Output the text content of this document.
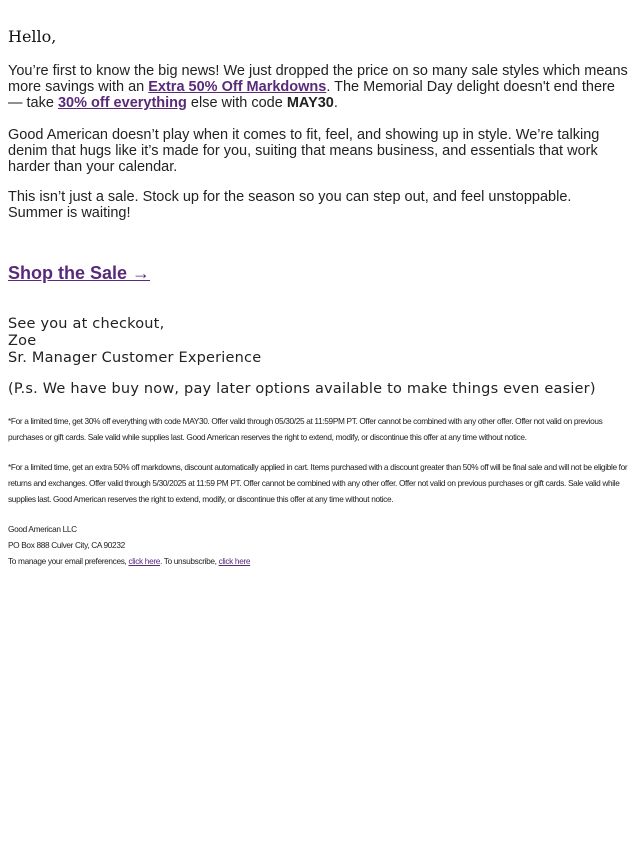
Hello,

You’re first to know the big news! We just dropped the price on so many sale styles which means more savings with an Extra 50% Off Markdowns. The Memorial Day delight doesn't end there — take 30% off everything else with code MAY30.

Good American doesn’t play when it comes to fit, feel, and showing up in style. We’re talking denim that hugs like it’s made for you, suiting that means business, and essentials that work harder than your calendar.

This isn’t just a sale. Stock up for the season so you can step out, and feel unstoppable. Summer is waiting!

Shop the Sale →
See you at checkout,
Zoe
Sr. Manager Customer Experience

(P.s. We have buy now, pay later options available to make things even easier)

*For a limited time, get 30% off everything with code MAY30. Offer valid through 05/30/25 at 11:59PM PT. Offer cannot be combined with any other offer. Offer not valid on previous purchases or gift cards. Sale valid while supplies last. Good American reserves the right to extend, modify, or discontinue this offer at any time without notice.

*For a limited time, get an extra 50% off markdowns, discount automatically applied in cart. Items purchased with a discount greater than 50% off will be final sale and will not be eligible for returns and exchanges. Offer valid through 5/30/2025 at 11:59 PM PT. Offer cannot be combined with any other offer. Offer not valid on previous purchases or gift cards. Sale valid while supplies last. Good American reserves the right to extend, modify, or discontinue this offer at any time without notice.

Good American LLC
PO Box 888 Culver City, CA 90232
To manage your email preferences, click here. To unsubscribe, click here
